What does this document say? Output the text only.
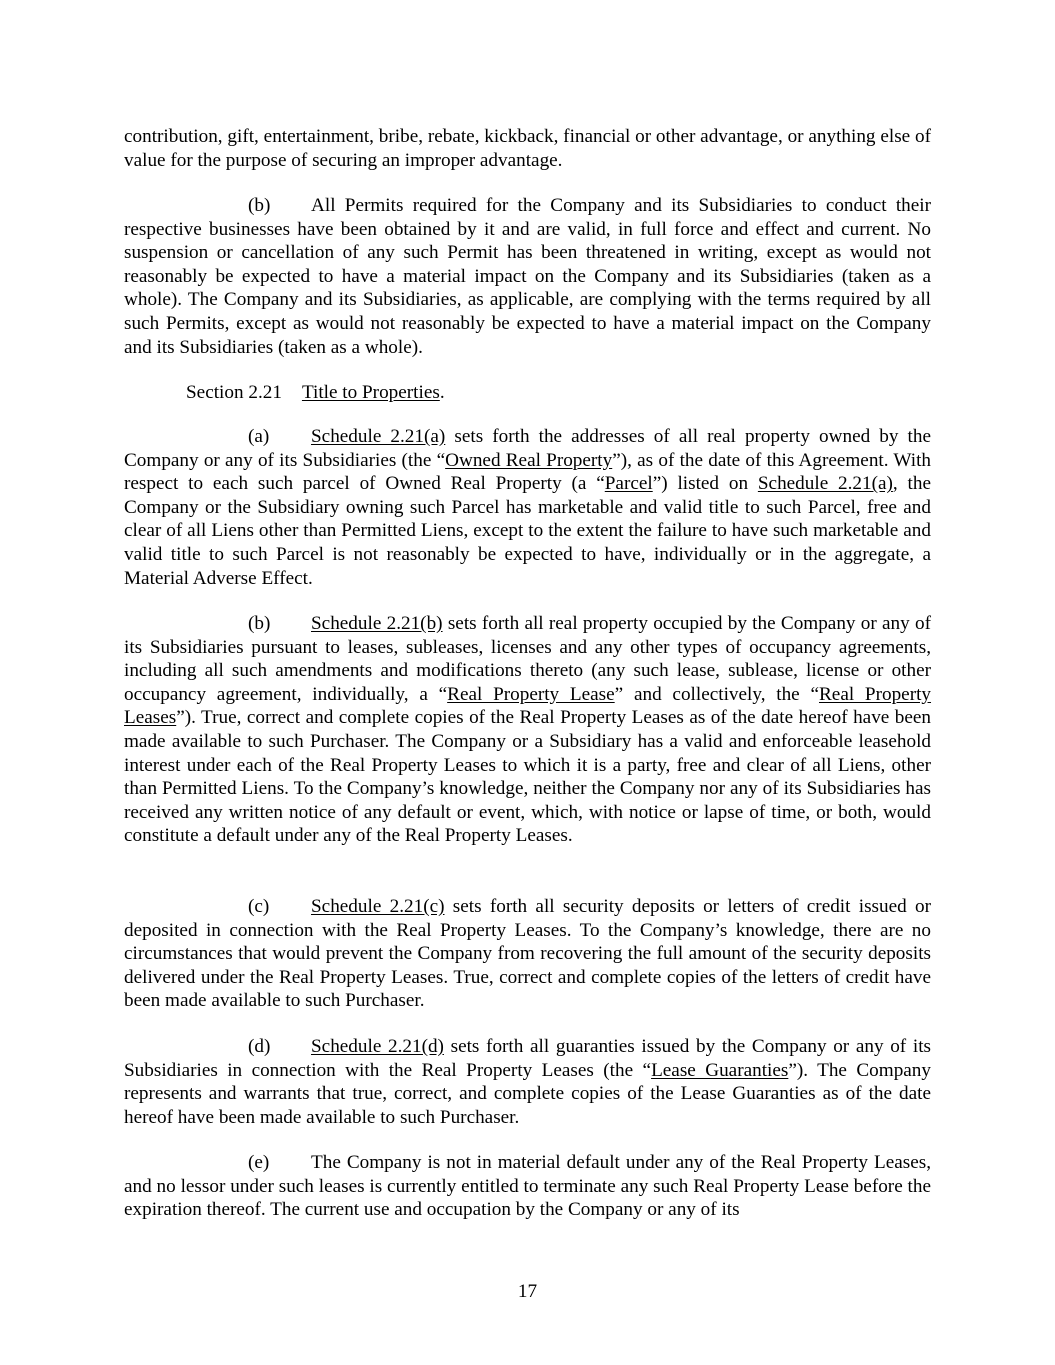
contribution, gift, entertainment, bribe, rebate, kickback, financial or other advantage, or anything else of value for the purpose of securing an improper advantage.
(b) All Permits required for the Company and its Subsidiaries to conduct their respective businesses have been obtained by it and are valid, in full force and effect and current. No suspension or cancellation of any such Permit has been threatened in writing, except as would not reasonably be expected to have a material impact on the Company and its Subsidiaries (taken as a whole). The Company and its Subsidiaries, as applicable, are complying with the terms required by all such Permits, except as would not reasonably be expected to have a material impact on the Company and its Subsidiaries (taken as a whole).
Section 2.21 Title to Properties.
(a) Schedule 2.21(a) sets forth the addresses of all real property owned by the Company or any of its Subsidiaries (the “Owned Real Property”), as of the date of this Agreement. With respect to each such parcel of Owned Real Property (a “Parcel”) listed on Schedule 2.21(a), the Company or the Subsidiary owning such Parcel has marketable and valid title to such Parcel, free and clear of all Liens other than Permitted Liens, except to the extent the failure to have such marketable and valid title to such Parcel is not reasonably be expected to have, individually or in the aggregate, a Material Adverse Effect.
(b) Schedule 2.21(b) sets forth all real property occupied by the Company or any of its Subsidiaries pursuant to leases, subleases, licenses and any other types of occupancy agreements, including all such amendments and modifications thereto (any such lease, sublease, license or other occupancy agreement, individually, a “Real Property Lease” and collectively, the “Real Property Leases”). True, correct and complete copies of the Real Property Leases as of the date hereof have been made available to such Purchaser. The Company or a Subsidiary has a valid and enforceable leasehold interest under each of the Real Property Leases to which it is a party, free and clear of all Liens, other than Permitted Liens. To the Company’s knowledge, neither the Company nor any of its Subsidiaries has received any written notice of any default or event, which, with notice or lapse of time, or both, would constitute a default under any of the Real Property Leases.
(c) Schedule 2.21(c) sets forth all security deposits or letters of credit issued or deposited in connection with the Real Property Leases. To the Company’s knowledge, there are no circumstances that would prevent the Company from recovering the full amount of the security deposits delivered under the Real Property Leases. True, correct and complete copies of the letters of credit have been made available to such Purchaser.
(d) Schedule 2.21(d) sets forth all guaranties issued by the Company or any of its Subsidiaries in connection with the Real Property Leases (the “Lease Guaranties”). The Company represents and warrants that true, correct, and complete copies of the Lease Guaranties as of the date hereof have been made available to such Purchaser.
(e) The Company is not in material default under any of the Real Property Leases, and no lessor under such leases is currently entitled to terminate any such Real Property Lease before the expiration thereof. The current use and occupation by the Company or any of its
17
